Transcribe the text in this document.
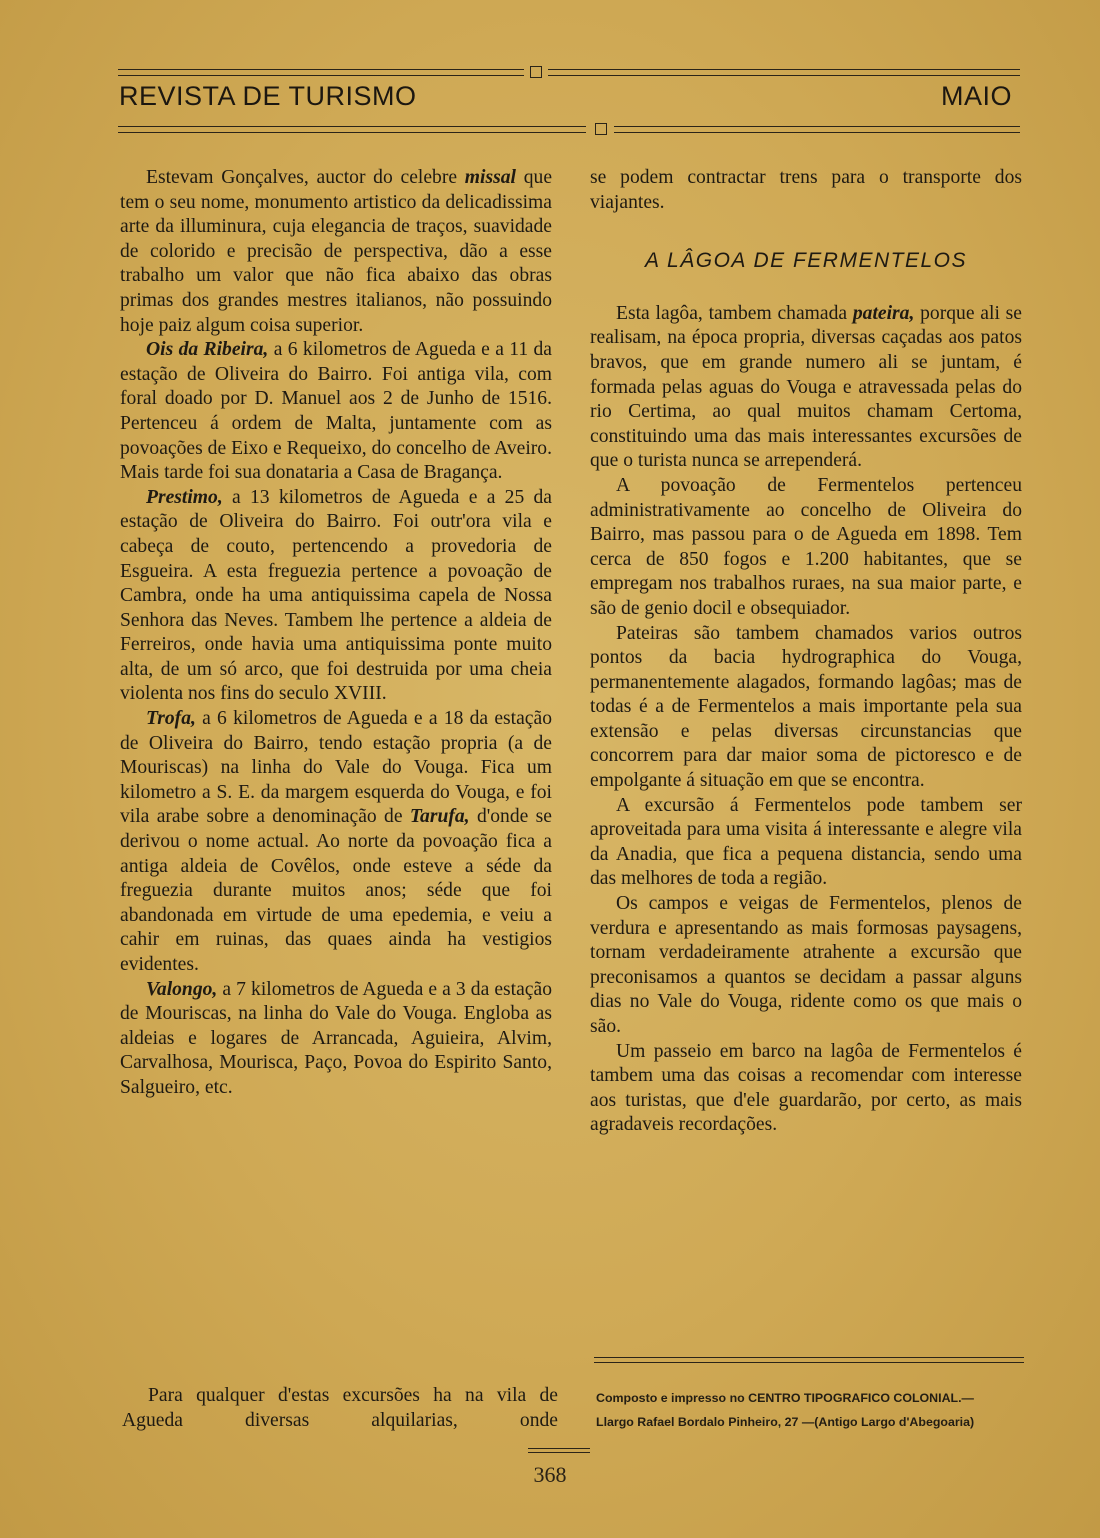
REVISTA DE TURISMO	MAIO

Estevam Gonçalves, auctor do celebre missal que tem o seu nome, monumento artistico da delicadissima arte da illuminura, cuja elegancia de traços, suavidade de colorido e precisão de perspectiva, dão a esse trabalho um valor que não fica abaixo das obras primas dos grandes mestres italianos, não possuindo hoje paiz algum coisa superior.

Ois da Ribeira, a 6 kilometros de Agueda e a 11 da estação de Oliveira do Bairro. Foi antiga vila, com foral doado por D. Manuel aos 2 de Junho de 1516. Pertenceu á ordem de Malta, juntamente com as povoações de Eixo e Requeixo, do concelho de Aveiro. Mais tarde foi sua donataria a Casa de Bragança.

Prestimo, a 13 kilometros de Agueda e a 25 da estação de Oliveira do Bairro. Foi outr'ora vila e cabeça de couto, pertencendo a provedoria de Esgueira. A esta freguezia pertence a povoação de Cambra, onde ha uma antiquissima capela de Nossa Senhora das Neves. Tambem lhe pertence a aldeia de Ferreiros, onde havia uma antiquissima ponte muito alta, de um só arco, que foi destruida por uma cheia violenta nos fins do seculo XVIII.

Trofa, a 6 kilometros de Agueda e a 18 da estação de Oliveira do Bairro, tendo estação propria (a de Mouriscas) na linha do Vale do Vouga. Fica um kilometro a S. E. da margem esquerda do Vouga, e foi vila arabe sobre a denominação de Tarufa, d'onde se derivou o nome actual. Ao norte da povoação fica a antiga aldeia de Covêlos, onde esteve a séde da freguezia durante muitos anos; séde que foi abandonada em virtude de uma epedemia, e veiu a cahir em ruinas, das quaes ainda ha vestigios evidentes.

Valongo, a 7 kilometros de Agueda e a 3 da estação de Mouriscas, na linha do Vale do Vouga. Engloba as aldeias e logares de Arrancada, Aguieira, Alvim, Carvalhosa, Mourisca, Paço, Povoa do Espirito Santo, Salgueiro, etc.

Para qualquer d'estas excursões ha na vila de Agueda diversas alquilarias, onde

se podem contractar trens para o transporte dos viajantes.

A LÂGOA DE FERMENTELOS

Esta lagôa, tambem chamada pateira, porque ali se realisam, na época propria, diversas caçadas aos patos bravos, que em grande numero ali se juntam, é formada pelas aguas do Vouga e atravessada pelas do rio Certima, ao qual muitos chamam Certoma, constituindo uma das mais interessantes excursões de que o turista nunca se arrependerá.

A povoação de Fermentelos pertenceu administrativamente ao concelho de Oliveira do Bairro, mas passou para o de Agueda em 1898. Tem cerca de 850 fogos e 1.200 habitantes, que se empregam nos trabalhos ruraes, na sua maior parte, e são de genio docil e obsequiador.

Pateiras são tambem chamados varios outros pontos da bacia hydrographica do Vouga, permanentemente alagados, formando lagôas; mas de todas é a de Fermentelos a mais importante pela sua extensão e pelas diversas circunstancias que concorrem para dar maior soma de pictoresco e de empolgante á situação em que se encontra.

A excursão á Fermentelos pode tambem ser aproveitada para uma visita á interessante e alegre vila da Anadia, que fica a pequena distancia, sendo uma das melhores de toda a região.

Os campos e veigas de Fermentelos, plenos de verdura e apresentando as mais formosas paysagens, tornam verdadeiramente atrahente a excursão que preconisamos a quantos se decidam a passar alguns dias no Vale do Vouga, ridente como os que mais o são.

Um passeio em barco na lagôa de Fermentelos é tambem uma das coisas a recomendar com interesse aos turistas, que d'ele guardarão, por certo, as mais agradaveis recordações.

Composto e impresso no CENTRO TIPOGRAFICO COLONIAL.—
Llargo Rafael Bordalo Pinheiro, 27 —(Antigo Largo d'Abegoaria)
368
